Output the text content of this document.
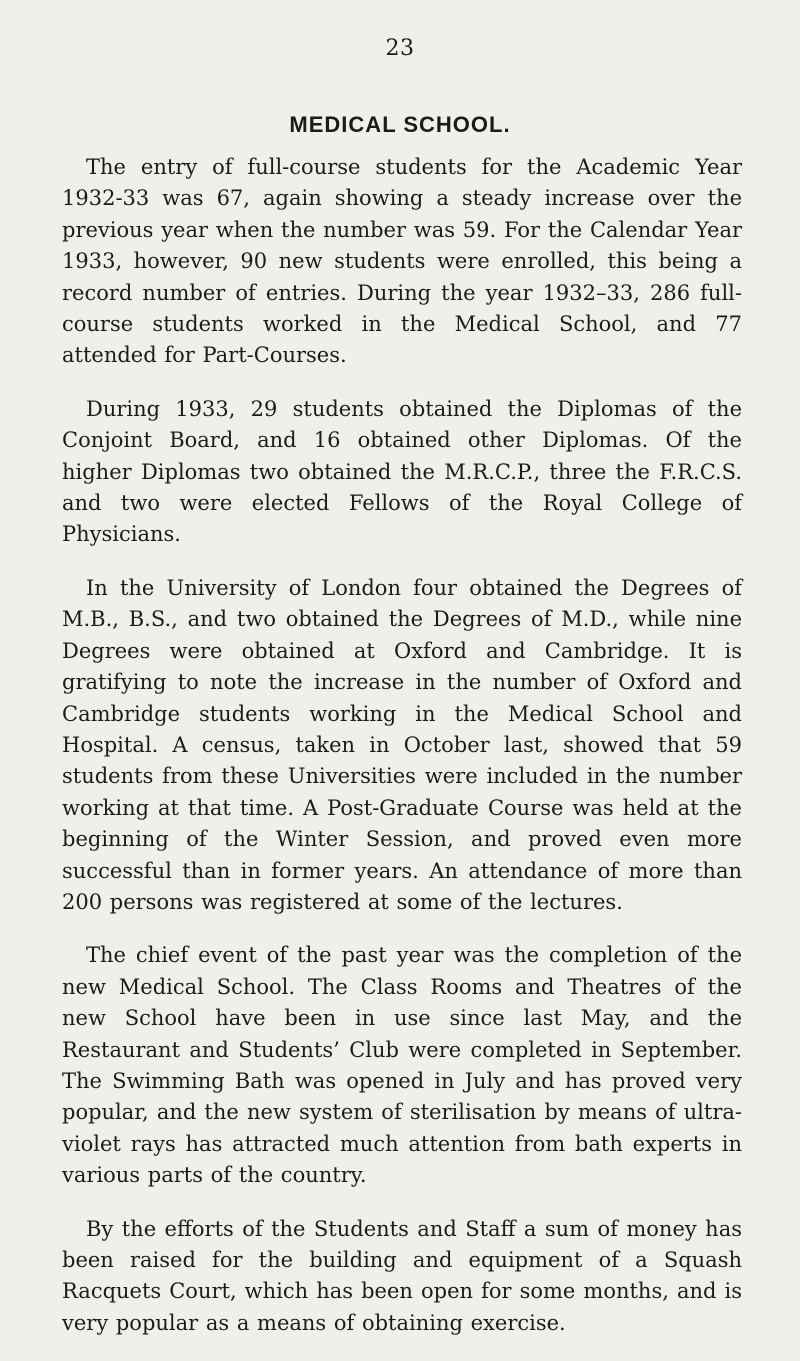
23
MEDICAL SCHOOL.

The entry of full-course students for the Academic Year 1932-33 was 67, again showing a steady increase over the previous year when the number was 59. For the Calendar Year 1933, however, 90 new students were enrolled, this being a record number of entries. During the year 1932–33, 286 full-course students worked in the Medical School, and 77 attended for Part-Courses.

During 1933, 29 students obtained the Diplomas of the Conjoint Board, and 16 obtained other Diplomas. Of the higher Diplomas two obtained the M.R.C.P., three the F.R.C.S. and two were elected Fellows of the Royal College of Physicians.

In the University of London four obtained the Degrees of M.B., B.S., and two obtained the Degrees of M.D., while nine Degrees were obtained at Oxford and Cambridge. It is gratifying to note the increase in the number of Oxford and Cambridge students working in the Medical School and Hospital. A census, taken in October last, showed that 59 students from these Universities were included in the number working at that time. A Post-Graduate Course was held at the beginning of the Winter Session, and proved even more successful than in former years. An attendance of more than 200 persons was registered at some of the lectures.

The chief event of the past year was the completion of the new Medical School. The Class Rooms and Theatres of the new School have been in use since last May, and the Restaurant and Students’ Club were completed in September. The Swimming Bath was opened in July and has proved very popular, and the new system of sterilisation by means of ultra-violet rays has attracted much attention from bath experts in various parts of the country.

By the efforts of the Students and Staff a sum of money has been raised for the building and equipment of a Squash Racquets Court, which has been open for some months, and is very popular as a means of obtaining exercise.
